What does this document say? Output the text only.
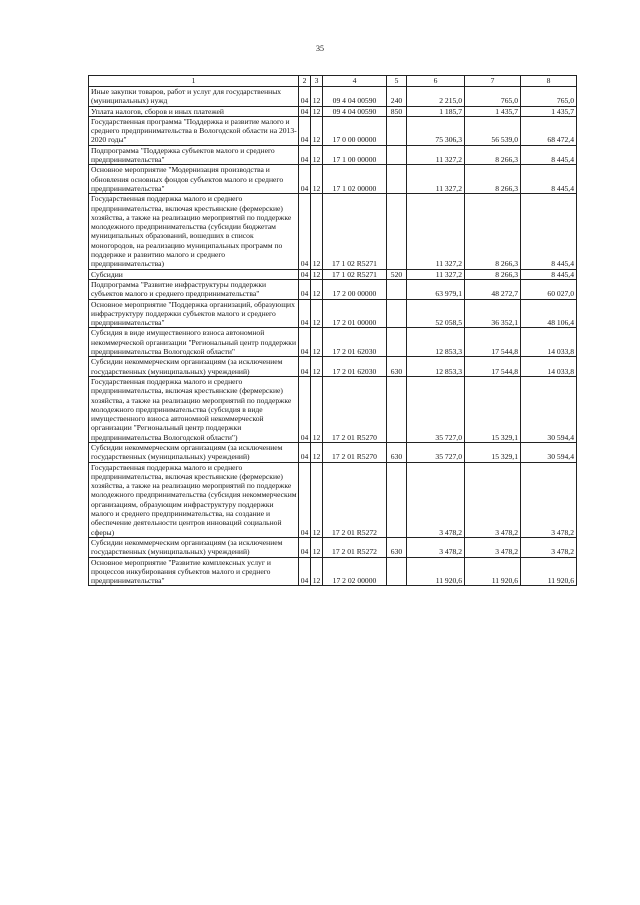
35
1	2	3	4	5	6	7	8
Иные закупки товаров, работ и услуг для государственных (муниципальных) нужд	04	12	09 4 04 00590	240	2 215,0	765,0	765,0
Уплата налогов, сборов и иных платежей	04	12	09 4 04 00590	850	1 185,7	1 435,7	1 435,7
Государственная программа "Поддержка и развитие малого и среднего предпринимательства в Вологодской области на 2013-2020 годы"	04	12	17 0 00 00000		75 306,3	56 539,0	68 472,4
Подпрограмма "Поддержка субъектов малого и среднего предпринимательства"	04	12	17 1 00 00000		11 327,2	8 266,3	8 445,4
Основное мероприятие "Модернизация производства и обновления основных фондов субъектов малого и среднего предпринимательства"	04	12	17 1 02 00000		11 327,2	8 266,3	8 445,4
Государственная поддержка малого и среднего предпринимательства, включая крестьянские (фермерские) хозяйства, а также на реализацию мероприятий по поддержке молодежного предпринимательства (субсидии бюджетам муниципальных образований, вошедших в список моногородов, на реализацию муниципальных программ по поддержке и развитию малого и среднего предпринимательства)	04	12	17 1 02 R5271		11 327,2	8 266,3	8 445,4
Субсидии	04	12	17 1 02 R5271	520	11 327,2	8 266,3	8 445,4
Подпрограмма "Развитие инфраструктуры поддержки субъектов малого и среднего предпринимательства"	04	12	17 2 00 00000		63 979,1	48 272,7	60 027,0
Основное мероприятие "Поддержка организаций, образующих инфраструктуру поддержки субъектов малого и среднего предпринимательства"	04	12	17 2 01 00000		52 058,5	36 352,1	48 106,4
Субсидия в виде имущественного взноса автономной некоммерческой организации "Региональный центр поддержки предпринимательства Вологодской области"	04	12	17 2 01 62030		12 853,3	17 544,8	14 033,8
Субсидии некоммерческим организациям (за исключением государственных (муниципальных) учреждений)	04	12	17 2 01 62030	630	12 853,3	17 544,8	14 033,8
Государственная поддержка малого и среднего предпринимательства, включая крестьянские (фермерские) хозяйства, а также на реализацию мероприятий по поддержке молодежного предпринимательства (субсидия в виде имущественного взноса автономной некоммерческой организации "Региональный центр поддержки предпринимательства Вологодской области")	04	12	17 2 01 R5270		35 727,0	15 329,1	30 594,4
Субсидии некоммерческим организациям (за исключением государственных (муниципальных) учреждений)	04	12	17 2 01 R5270	630	35 727,0	15 329,1	30 594,4
Государственная поддержка малого и среднего предпринимательства, включая крестьянские (фермерские) хозяйства, а также на реализацию мероприятий по поддержке молодежного предпринимательства (субсидия некоммерческим организациям, образующим инфраструктуру поддержки малого и среднего предпринимательства, на создание и обеспечение деятельности центров инноваций социальной сферы)	04	12	17 2 01 R5272		3 478,2	3 478,2	3 478,2
Субсидии некоммерческим организациям (за исключением государственных (муниципальных) учреждений)	04	12	17 2 01 R5272	630	3 478,2	3 478,2	3 478,2
Основное мероприятие "Развитие комплексных услуг и процессов инкубирования субъектов малого и среднего предпринимательства"	04	12	17 2 02 00000		11 920,6	11 920,6	11 920,6
